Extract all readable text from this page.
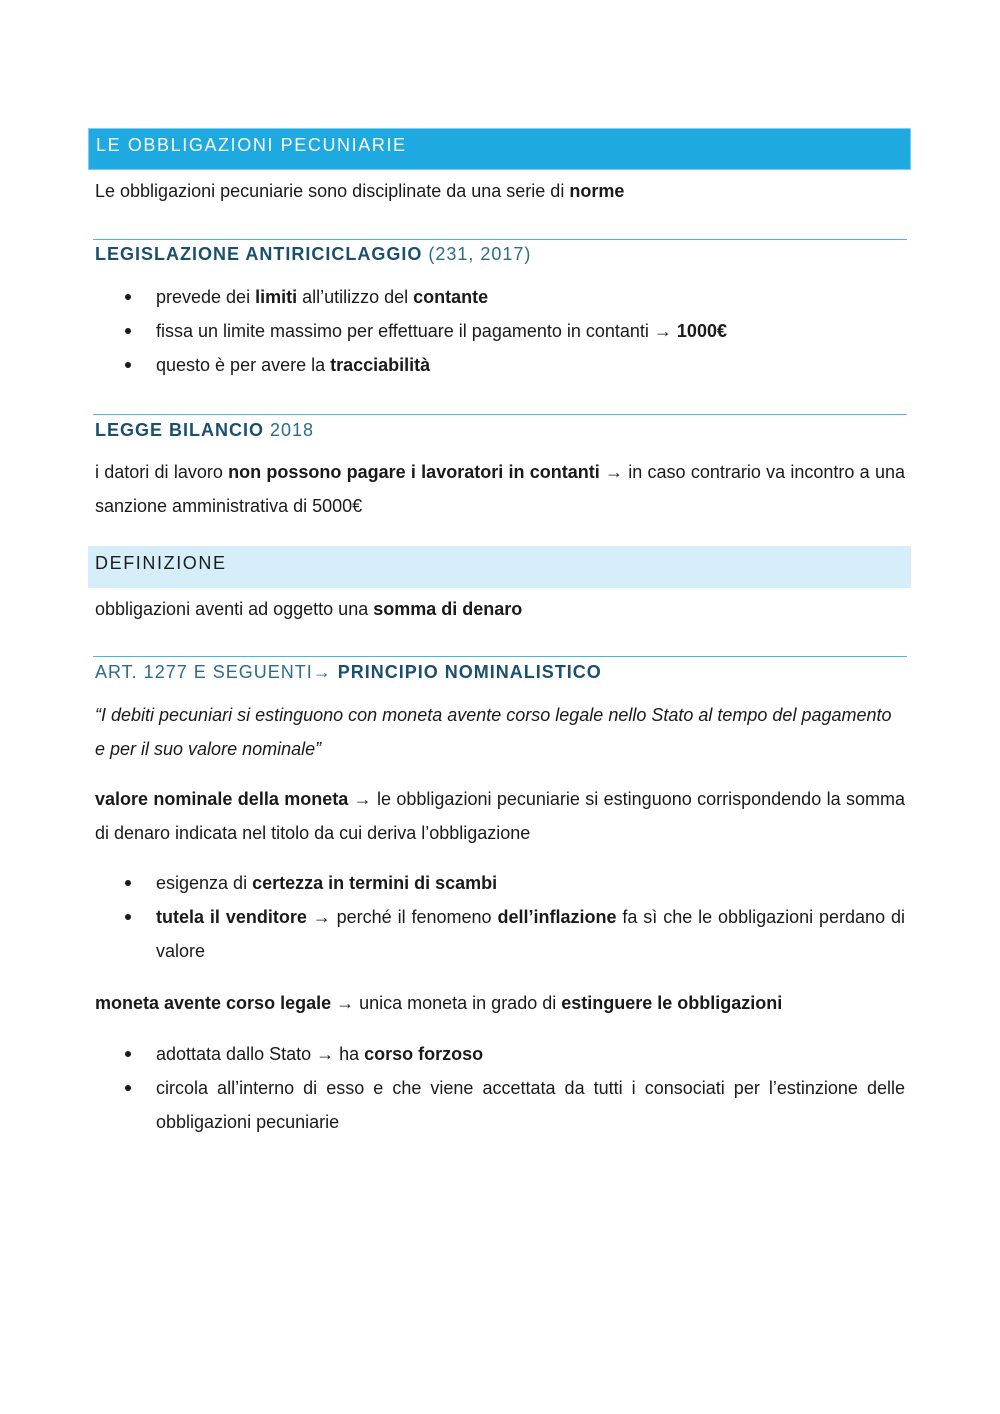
LE OBBLIGAZIONI PECUNIARIE
Le obbligazioni pecuniarie sono disciplinate da una serie di norme
LEGISLAZIONE ANTIRICICLAGGIO (231, 2017)
prevede dei limiti all’utilizzo del contante
fissa un limite massimo per effettuare il pagamento in contanti → 1000€
questo è per avere la tracciabilità
LEGGE BILANCIO 2018
i datori di lavoro non possono pagare i lavoratori in contanti → in caso contrario va incontro a una sanzione amministrativa di 5000€
DEFINIZIONE
obbligazioni aventi ad oggetto una somma di denaro
ART. 1277 E SEGUENTI→ PRINCIPIO NOMINALISTICO
“I debiti pecuniari si estinguono con moneta avente corso legale nello Stato al tempo del pagamento e per il suo valore nominale”
valore nominale della moneta → le obbligazioni pecuniarie si estinguono corrispondendo la somma di denaro indicata nel titolo da cui deriva l’obbligazione
esigenza di certezza in termini di scambi
tutela il venditore → perché il fenomeno dell’inflazione fa sì che le obbligazioni perdano di valore
moneta avente corso legale → unica moneta in grado di estinguere le obbligazioni
adottata dallo Stato → ha corso forzoso
circola all’interno di esso e che viene accettata da tutti i consociati per l’estinzione delle obbligazioni pecuniarie
